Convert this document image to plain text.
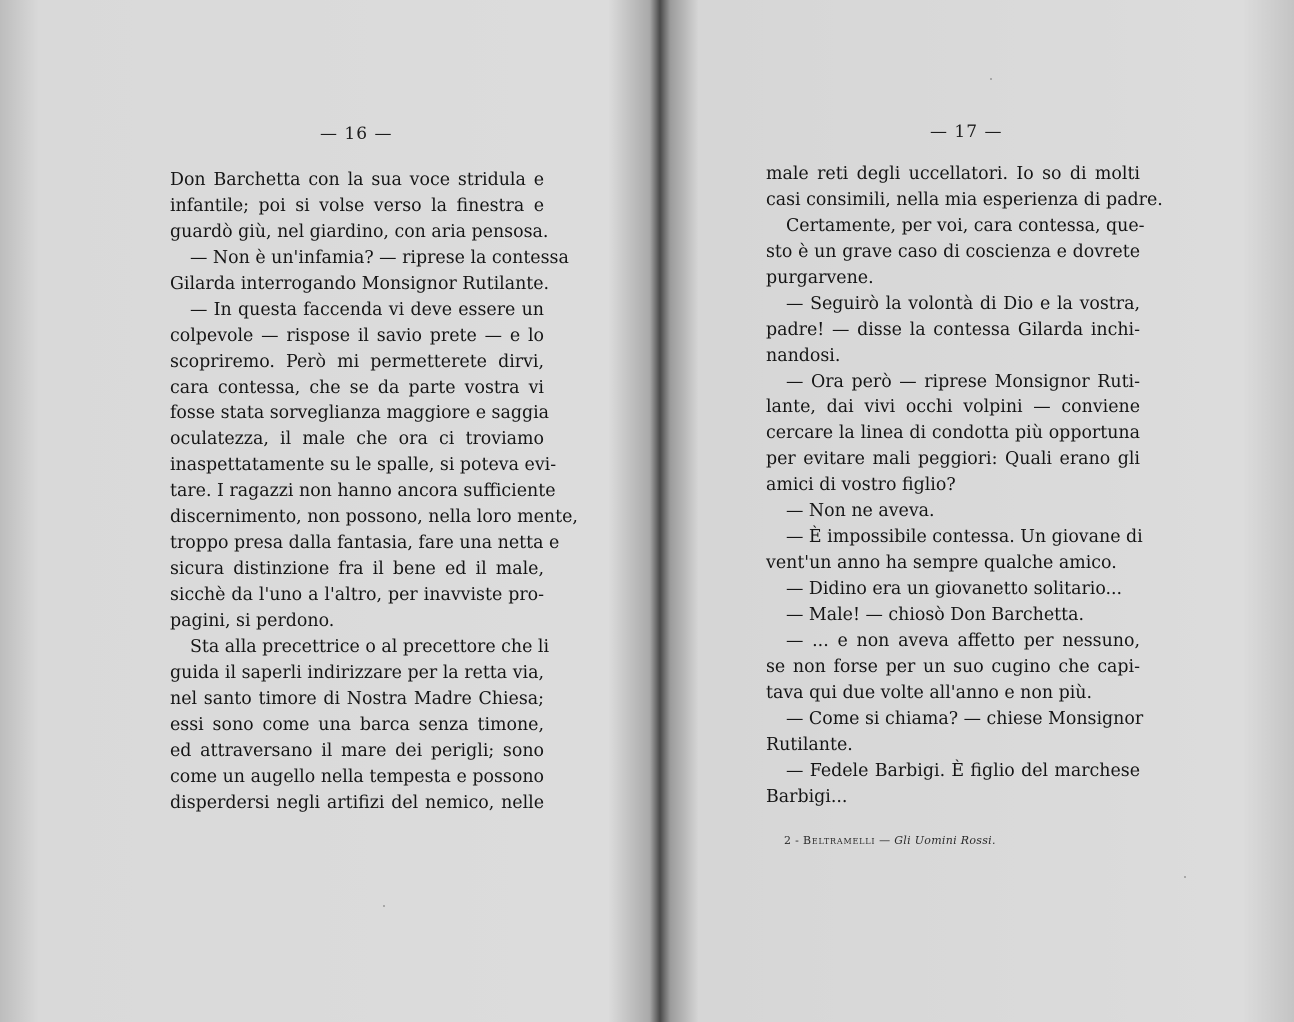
— 16 —
Don Barchetta con la sua voce stridula e
infantile; poi si volse verso la finestra e
guardò giù, nel giardino, con aria pensosa.
— Non è un'infamia? — riprese la contessa
Gilarda interrogando Monsignor Rutilante.
— In questa faccenda vi deve essere un
colpevole — rispose il savio prete — e lo
scopriremo. Però mi permetterete dirvi,
cara contessa, che se da parte vostra vi
fosse stata sorveglianza maggiore e saggia
oculatezza, il male che ora ci troviamo
inaspettatamente su le spalle, si poteva evi-
tare. I ragazzi non hanno ancora sufficiente
discernimento, non possono, nella loro mente,
troppo presa dalla fantasia, fare una netta e
sicura distinzione fra il bene ed il male,
sicchè da l'uno a l'altro, per inavviste pro-
pagini, si perdono.
Sta alla precettrice o al precettore che li
guida il saperli indirizzare per la retta via,
nel santo timore di Nostra Madre Chiesa;
essi sono come una barca senza timone,
ed attraversano il mare dei perigli; sono
come un augello nella tempesta e possono
disperdersi negli artifizi del nemico, nelle
— 17 —
male reti degli uccellatori. Io so di molti
casi consimili, nella mia esperienza di padre.
Certamente, per voi, cara contessa, que-
sto è un grave caso di coscienza e dovrete
purgarvene.
— Seguirò la volontà di Dio e la vostra,
padre! — disse la contessa Gilarda inchi-
nandosi.
— Ora però — riprese Monsignor Ruti-
lante, dai vivi occhi volpini — conviene
cercare la linea di condotta più opportuna
per evitare mali peggiori: Quali erano gli
amici di vostro figlio?
— Non ne aveva.
— È impossibile contessa. Un giovane di
vent'un anno ha sempre qualche amico.
— Didino era un giovanetto solitario...
— Male! — chiosò Don Barchetta.
— ... e non aveva affetto per nessuno,
se non forse per un suo cugino che capi-
tava qui due volte all'anno e non più.
— Come si chiama? — chiese Monsignor
Rutilante.
— Fedele Barbigi. È figlio del marchese
Barbigi...
2 - Beltramelli — Gli Uomini Rossi.
